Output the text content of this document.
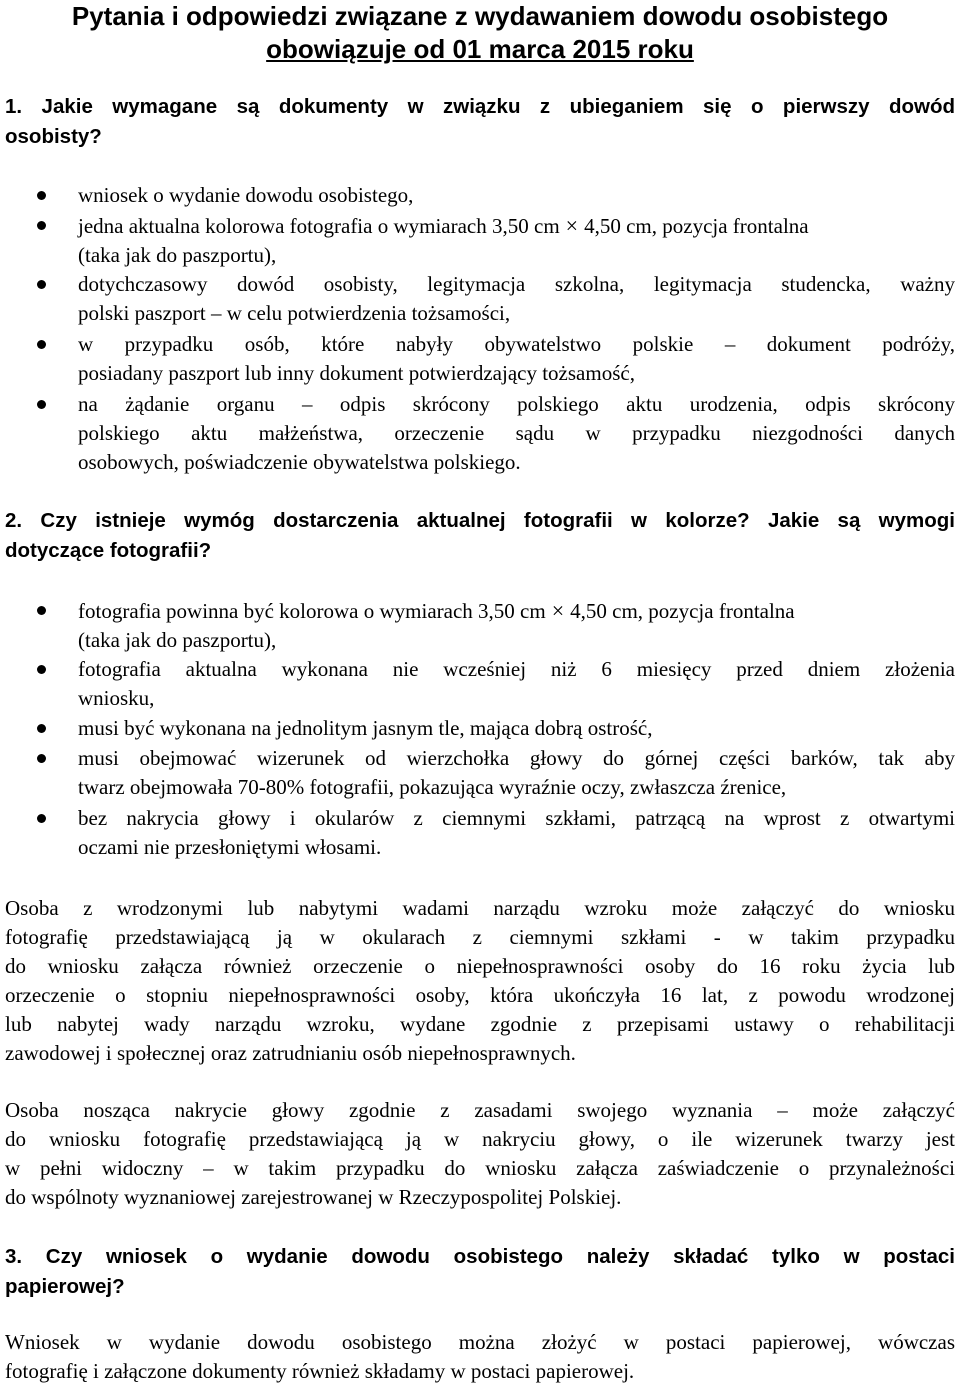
Pytania i odpowiedzi związane z wydawaniem dowodu osobistego
obowiązuje od 01 marca 2015 roku
1. Jakie wymagane są dokumenty w związku z ubieganiem się o pierwszy dowód
osobisty?
wniosek o wydanie dowodu osobistego,
jedna aktualna kolorowa fotografia o wymiarach 3,50 cm × 4,50 cm, pozycja frontalna
(taka jak do paszportu),
dotychczasowy dowód osobisty, legitymacja szkolna, legitymacja studencka, ważny
polski paszport – w celu potwierdzenia tożsamości,
w przypadku osób, które nabyły obywatelstwo polskie – dokument podróży,
posiadany paszport lub inny dokument potwierdzający tożsamość,
na żądanie organu – odpis skrócony polskiego aktu urodzenia, odpis skrócony
polskiego aktu małżeństwa, orzeczenie sądu w przypadku niezgodności danych
osobowych, poświadczenie obywatelstwa polskiego.
2. Czy istnieje wymóg dostarczenia aktualnej fotografii w kolorze? Jakie są wymogi
dotyczące fotografii?
fotografia powinna być kolorowa o wymiarach 3,50 cm × 4,50 cm, pozycja frontalna
(taka jak do paszportu),
fotografia aktualna wykonana nie wcześniej niż 6 miesięcy przed dniem złożenia
wniosku,
musi być wykonana na jednolitym jasnym tle, mająca dobrą ostrość,
musi obejmować wizerunek od wierzchołka głowy do górnej części barków, tak aby
twarz obejmowała 70-80% fotografii, pokazująca wyraźnie oczy, zwłaszcza źrenice,
bez nakrycia głowy i okularów z ciemnymi szkłami, patrzącą na wprost z otwartymi
oczami nie przesłoniętymi włosami.
Osoba z wrodzonymi lub nabytymi wadami narządu wzroku może załączyć do wniosku
fotografię przedstawiającą ją w okularach z ciemnymi szkłami - w takim przypadku
do wniosku załącza również orzeczenie o niepełnosprawności osoby do 16 roku życia lub
orzeczenie o stopniu niepełnosprawności osoby, która ukończyła 16 lat, z powodu wrodzonej
lub nabytej wady narządu wzroku, wydane zgodnie z przepisami ustawy o rehabilitacji
zawodowej i społecznej oraz zatrudnianiu osób niepełnosprawnych.
Osoba nosząca nakrycie głowy zgodnie z zasadami swojego wyznania – może załączyć
do wniosku fotografię przedstawiającą ją w nakryciu głowy, o ile wizerunek twarzy jest
w pełni widoczny – w takim przypadku do wniosku załącza zaświadczenie o przynależności
do wspólnoty wyznaniowej zarejestrowanej w Rzeczypospolitej Polskiej.
3. Czy wniosek o wydanie dowodu osobistego należy składać tylko w postaci
papierowej?
Wniosek w wydanie dowodu osobistego można złożyć w postaci papierowej, wówczas
fotografię i załączone dokumenty również składamy w postaci papierowej.
